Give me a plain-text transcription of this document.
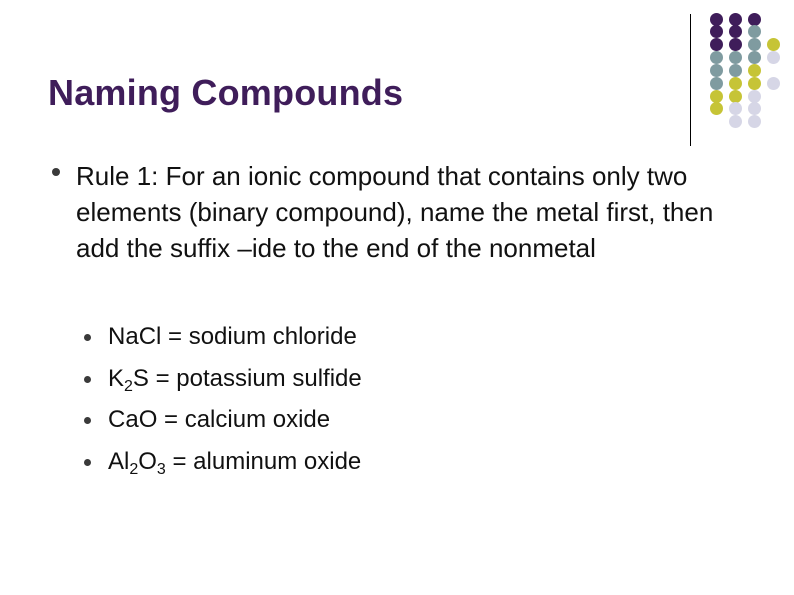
Naming Compounds
Rule 1: For an ionic compound that contains only two elements (binary compound), name the metal first, then add the suffix –ide to the end of the nonmetal
NaCl = sodium chloride
$K_2S$ = potassium sulfide
CaO = calcium oxide
$Al_2O_3$ = aluminum oxide
